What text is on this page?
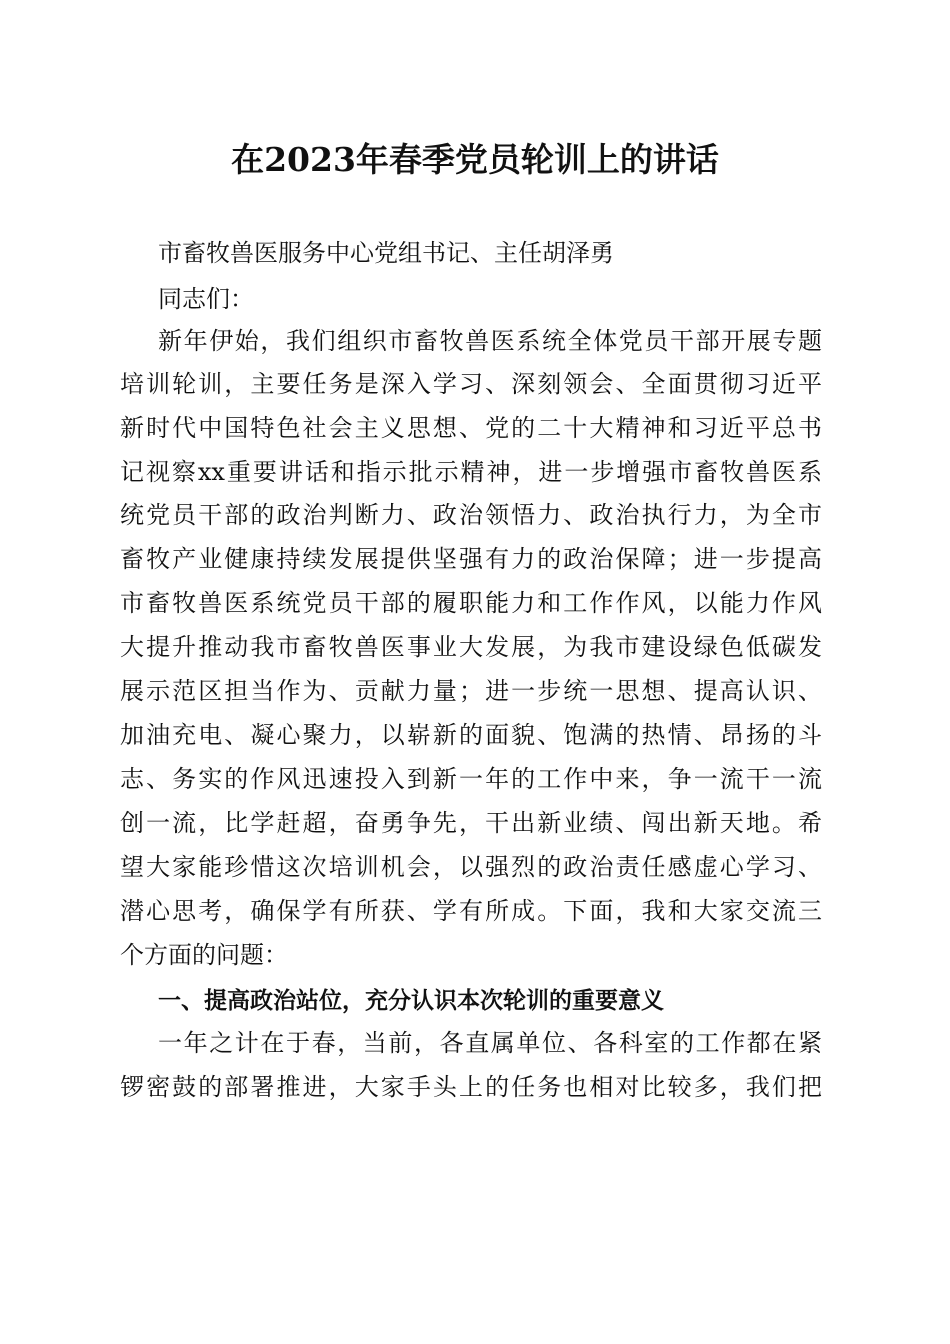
在2023年春季党员轮训上的讲话
市畜牧兽医服务中心党组书记、主任胡泽勇
同志们：
新年伊始，我们组织市畜牧兽医系统全体党员干部开展专题
培训轮训，主要任务是深入学习、深刻领会、全面贯彻习近平
新时代中国特色社会主义思想、党的二十大精神和习近平总书
记视察xx重要讲话和指示批示精神，进一步增强市畜牧兽医系
统党员干部的政治判断力、政治领悟力、政治执行力，为全市
畜牧产业健康持续发展提供坚强有力的政治保障；进一步提高
市畜牧兽医系统党员干部的履职能力和工作作风，以能力作风
大提升推动我市畜牧兽医事业大发展，为我市建设绿色低碳发
展示范区担当作为、贡献力量；进一步统一思想、提高认识、
加油充电、凝心聚力，以崭新的面貌、饱满的热情、昂扬的斗
志、务实的作风迅速投入到新一年的工作中来，争一流干一流
创一流，比学赶超，奋勇争先，干出新业绩、闯出新天地。希
望大家能珍惜这次培训机会，以强烈的政治责任感虚心学习、
潜心思考，确保学有所获、学有所成。下面，我和大家交流三
个方面的问题：
一、提高政治站位，充分认识本次轮训的重要意义
一年之计在于春，当前，各直属单位、各科室的工作都在紧
锣密鼓的部署推进，大家手头上的任务也相对比较多，我们把
